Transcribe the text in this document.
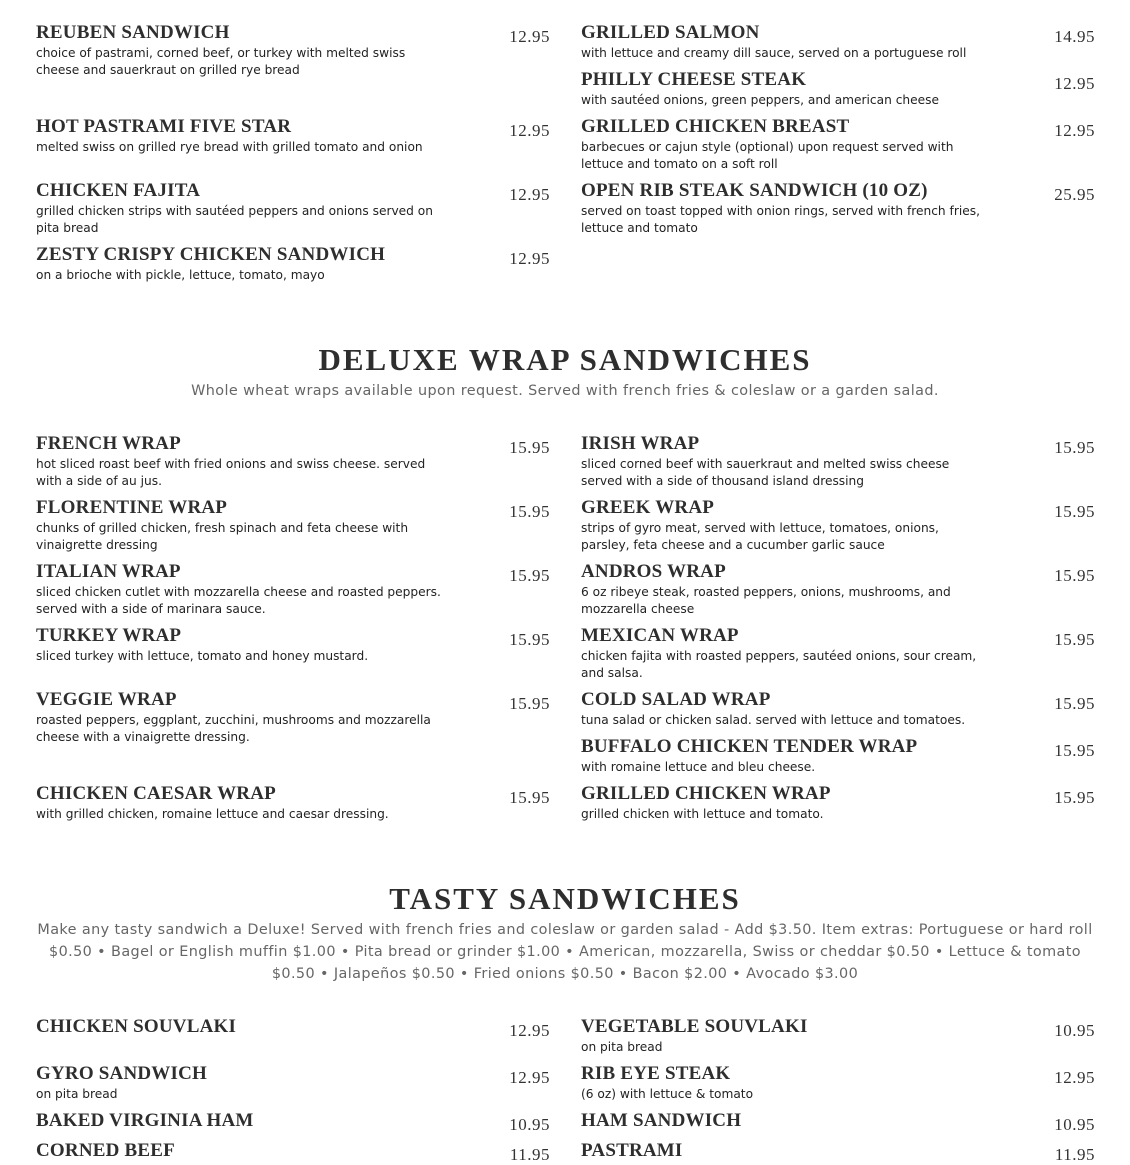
REUBEN SANDWICH
choice of pastrami, corned beef, or turkey with melted swiss cheese and sauerkraut on grilled rye bread
12.95
HOT PASTRAMI FIVE STAR
melted swiss on grilled rye bread with grilled tomato and onion
12.95
CHICKEN FAJITA
grilled chicken strips with sautéed peppers and onions served on pita bread
12.95
ZESTY CRISPY CHICKEN SANDWICH
on a brioche with pickle, lettuce, tomato, mayo
12.95
GRILLED SALMON
with lettuce and creamy dill sauce, served on a portuguese roll
14.95
PHILLY CHEESE STEAK
with sautéed onions, green peppers, and american cheese
12.95
GRILLED CHICKEN BREAST
barbecues or cajun style (optional) upon request served with lettuce and tomato on a soft roll
12.95
OPEN RIB STEAK SANDWICH (10 OZ)
served on toast topped with onion rings, served with french fries, lettuce and tomato
25.95
DELUXE WRAP SANDWICHES
Whole wheat wraps available upon request. Served with french fries & coleslaw or a garden salad.
FRENCH WRAP
hot sliced roast beef with fried onions and swiss cheese. served with a side of au jus.
15.95
FLORENTINE WRAP
chunks of grilled chicken, fresh spinach and feta cheese with vinaigrette dressing
15.95
ITALIAN WRAP
sliced chicken cutlet with mozzarella cheese and roasted peppers. served with a side of marinara sauce.
15.95
TURKEY WRAP
sliced turkey with lettuce, tomato and honey mustard.
15.95
VEGGIE WRAP
roasted peppers, eggplant, zucchini, mushrooms and mozzarella cheese with a vinaigrette dressing.
15.95
CHICKEN CAESAR WRAP
with grilled chicken, romaine lettuce and caesar dressing.
15.95
IRISH WRAP
sliced corned beef with sauerkraut and melted swiss cheese served with a side of thousand island dressing
15.95
GREEK WRAP
strips of gyro meat, served with lettuce, tomatoes, onions, parsley, feta cheese and a cucumber garlic sauce
15.95
ANDROS WRAP
6 oz ribeye steak, roasted peppers, onions, mushrooms, and mozzarella cheese
15.95
MEXICAN WRAP
chicken fajita with roasted peppers, sautéed onions, sour cream, and salsa.
15.95
COLD SALAD WRAP
tuna salad or chicken salad. served with lettuce and tomatoes.
15.95
BUFFALO CHICKEN TENDER WRAP
with romaine lettuce and bleu cheese.
15.95
GRILLED CHICKEN WRAP
grilled chicken with lettuce and tomato.
15.95
TASTY SANDWICHES
Make any tasty sandwich a Deluxe! Served with french fries and coleslaw or garden salad - Add $3.50. Item extras: Portuguese or hard roll $0.50 • Bagel or English muffin $1.00 • Pita bread or grinder $1.00 • American, mozzarella, Swiss or cheddar $0.50 • Lettuce & tomato $0.50 • Jalapeños $0.50 • Fried onions $0.50 • Bacon $2.00 • Avocado $3.00
CHICKEN SOUVLAKI	12.95
GYRO SANDWICH
on pita bread
12.95
BAKED VIRGINIA HAM	10.95
CORNED BEEF	11.95
VEGETABLE SOUVLAKI
on pita bread
10.95
RIB EYE STEAK
(6 oz) with lettuce & tomato
12.95
HAM SANDWICH	10.95
PASTRAMI	11.95
